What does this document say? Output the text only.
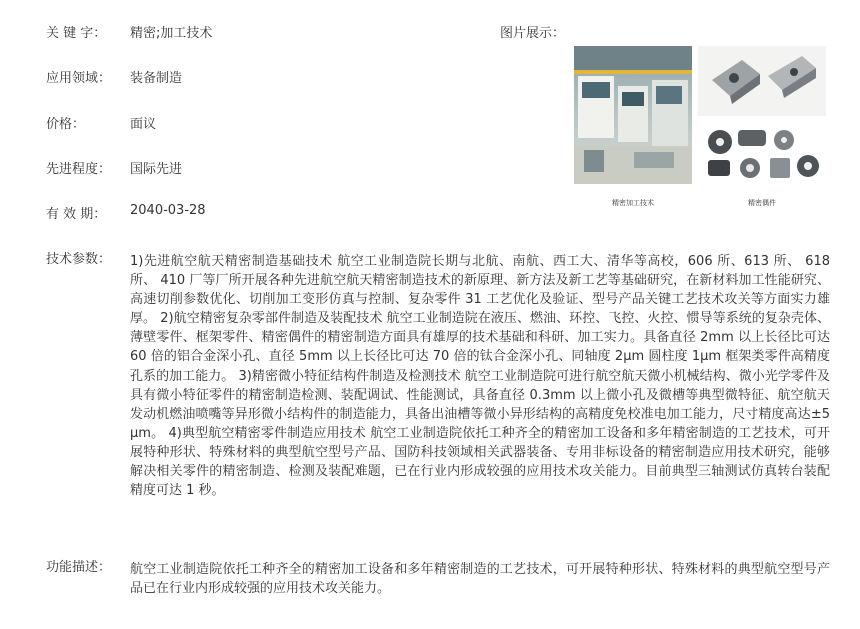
关 键 字： 精密;加工技术
应用领域： 装备制造
价格：	面议
先进程度： 国际先进
有 效 期： 2040-03-28
图片展示：
精密加工技术	精密偶件
技术参数： 1)先进航空航天精密制造基础技术 航空工业制造院长期与北航、南航、西工大、清华等高校，606 所、613 所、 618 所、 410 厂等厂所开展各种先进航空航天精密制造技术的新原理、新方法及新工艺等基础研究，在新材料加工性能研究、高速切削参数优化、切削加工变形仿真与控制、复杂零件 31 工艺优化及验证、型号产品关键工艺技术攻关等方面实力雄厚。 2)航空精密复杂零部件制造及装配技术 航空工业制造院在液压、燃油、环控、飞控、火控、惯导等系统的复杂壳体、薄壁零件、框架零件、精密偶件的精密制造方面具有雄厚的技术基础和科研、加工实力。具备直径 2mm 以上长径比可达 60 倍的铝合金深小孔、直径 5mm 以上长径比可达 70 倍的钛合金深小孔、同轴度 2μm 圆柱度 1μm 框架类零件高精度孔系的加工能力。 3)精密微小特征结构件制造及检测技术 航空工业制造院可进行航空航天微小机械结构、微小光学零件及具有微小特征零件的精密制造检测、装配调试、性能测试，具备直径 0.3mm 以上微小孔及微槽等典型微特征、航空航天发动机燃油喷嘴等异形微小结构件的制造能力，具备出油槽等微小异形结构的高精度免校准电加工能力，尺寸精度高达±5μm。 4)典型航空精密零件制造应用技术 航空工业制造院依托工种齐全的精密加工设备和多年精密制造的工艺技术，可开展特种形状、特殊材料的典型航空型号产品、国防科技领域相关武器装备、专用非标设备的精密制造应用技术研究，能够解决相关零件的精密制造、检测及装配难题，已在行业内形成较强的应用技术攻关能力。目前典型三轴测试仿真转台装配精度可达 1 秒。

功能描述： 航空工业制造院依托工种齐全的精密加工设备和多年精密制造的工艺技术，可开展特种形状、特殊材料的典型航空型号产品已在行业内形成较强的应用技术攻关能力。
